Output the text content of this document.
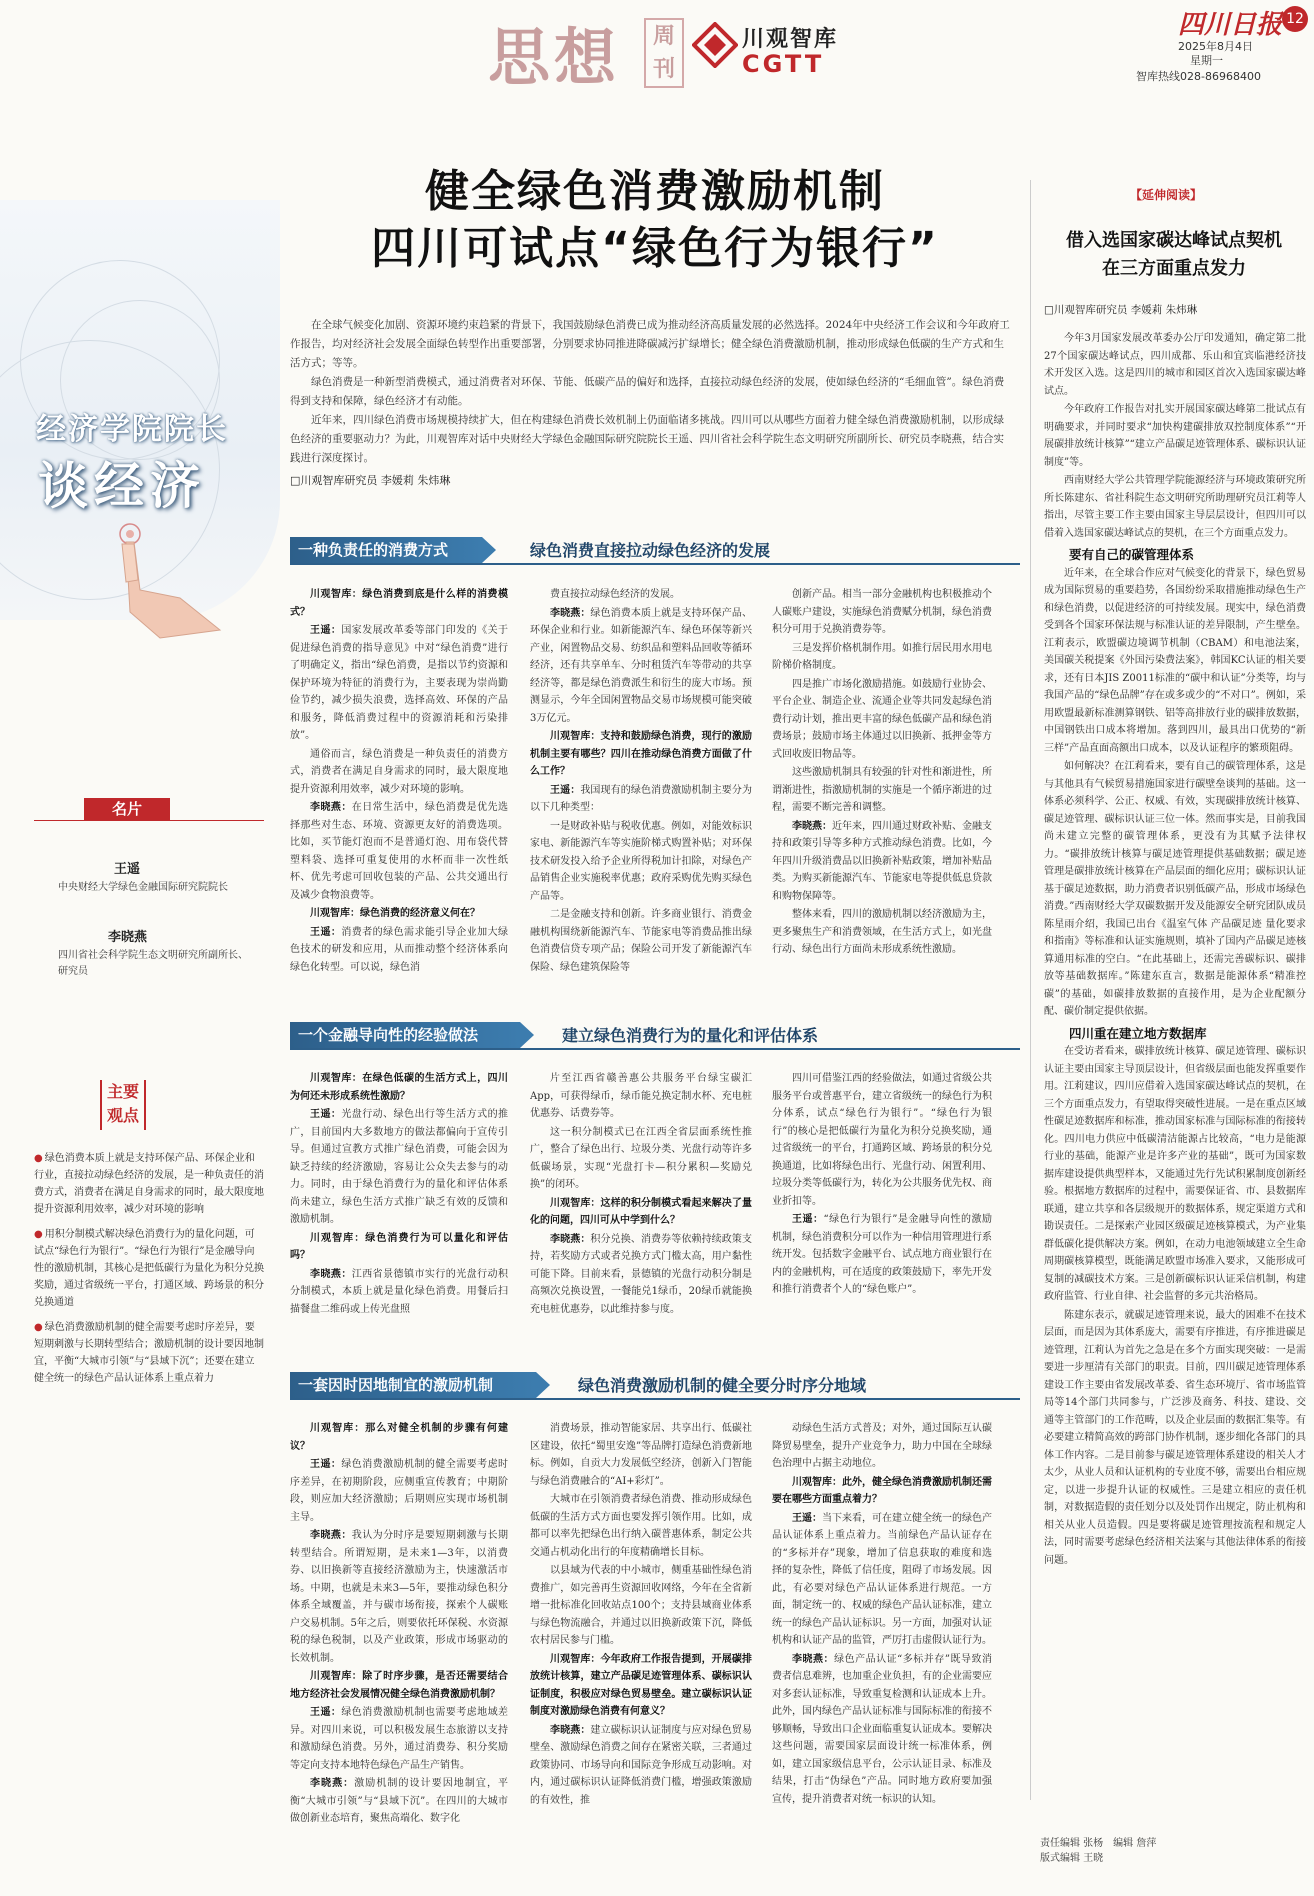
思想	周刊
川观智库
CGTT
四川日报 12
2025年8月4日
星期一
智库热线028-86968400
经济学院院长
谈经济
健全绿色消费激励机制
四川可试点“绿色行为银行”

在全球气候变化加剧、资源环境约束趋紧的背景下，我国鼓励绿色消费已成为推动经济高质量发展的必然选择。2024年中央经济工作会议和今年政府工作报告，均对经济社会发展全面绿色转型作出重要部署，分别要求协同推进降碳减污扩绿增长；健全绿色消费激励机制，推动形成绿色低碳的生产方式和生活方式；等等。

绿色消费是一种新型消费模式，通过消费者对环保、节能、低碳产品的偏好和选择，直接拉动绿色经济的发展，使如绿色经济的“毛细血管”。绿色消费得到支持和保障，绿色经济才有动能。

近年来，四川绿色消费市场规模持续扩大，但在构建绿色消费长效机制上仍面临诸多挑战。四川可以从哪些方面着力健全绿色消费激励机制，以形成绿色经济的重要驱动力？为此，川观智库对话中央财经大学绿色金融国际研究院院长王遥、四川省社会科学院生态文明研究所副所长、研究员李晓燕，结合实践进行深度探讨。

□川观智库研究员 李媛莉 朱炜琳
一种负责任的消费方式	绿色消费直接拉动绿色经济的发展

川观智库：绿色消费到底是什么样的消费模式？

王遥：国家发展改革委等部门印发的《关于促进绿色消费的指导意见》中对“绿色消费”进行了明确定义，指出“绿色消费，是指以节约资源和保护环境为特征的消费行为，主要表现为崇尚勤俭节约，减少损失浪费，选择高效、环保的产品和服务，降低消费过程中的资源消耗和污染排放”。

通俗而言，绿色消费是一种负责任的消费方式，消费者在满足自身需求的同时，最大限度地提升资源利用效率，减少对环境的影响。

李晓燕：在日常生活中，绿色消费是优先选择那些对生态、环境、资源更友好的消费选项。比如，买节能灯泡而不是普通灯泡、用布袋代替塑料袋、选择可重复使用的水杯而非一次性纸杯、优先考虑可回收包装的产品、公共交通出行及减少食物浪费等。

川观智库：绿色消费的经济意义何在？

王遥：消费者的绿色需求能引导企业加大绿色技术的研发和应用，从而推动整个经济体系向绿色化转型。可以说，绿色消

费直接拉动绿色经济的发展。

李晓燕：绿色消费本质上就是支持环保产品、环保企业和行业。如新能源汽车、绿色环保等新兴产业，闲置物品交易、纺织品和塑料品回收等循环经济，还有共享单车、分时租赁汽车等带动的共享经济等，都是绿色消费派生和衍生的庞大市场。预测显示，今年全国闲置物品交易市场规模可能突破3万亿元。

川观智库：支持和鼓励绿色消费，现行的激励机制主要有哪些？四川在推动绿色消费方面做了什么工作？

王遥：我国现有的绿色消费激励机制主要分为以下几种类型：

一是财政补贴与税收优惠。例如，对能效标识家电、新能源汽车等实施阶梯式购置补贴；对环保技术研发投入给予企业所得税加计扣除，对绿色产品销售企业实施税率优惠；政府采购优先购买绿色产品等。

二是金融支持和创新。许多商业银行、消费金融机构围绕新能源汽车、节能家电等消费品推出绿色消费信贷专项产品；保险公司开发了新能源汽车保险、绿色建筑保险等

创新产品。相当一部分金融机构也积极推动个人碳账户建设，实施绿色消费赋分机制，绿色消费积分可用于兑换消费券等。

三是发挥价格机制作用。如推行居民用水用电阶梯价格制度。

四是推广市场化激励措施。如鼓励行业协会、平台企业、制造企业、流通企业等共同发起绿色消费行动计划，推出更丰富的绿色低碳产品和绿色消费场景；鼓励市场主体通过以旧换新、抵押金等方式回收废旧物品等。

这些激励机制具有较强的针对性和渐进性，所谓渐进性，指激励机制的实施是一个循序渐进的过程，需要不断完善和调整。

李晓燕：近年来，四川通过财政补贴、金融支持和政策引导等多种方式推动绿色消费。比如，今年四川升级消费品以旧换新补贴政策，增加补贴品类。为购买新能源汽车、节能家电等提供低息贷款和购物保障等。

整体来看，四川的激励机制以经济激励为主，更多聚焦生产和消费领域，在生活方式上，如光盘行动、绿色出行方面尚未形成系统性激励。

一个金融导向性的经验做法	建立绿色消费行为的量化和评估体系

川观智库：在绿色低碳的生活方式上，四川为何还未形成系统性激励？

王遥：光盘行动、绿色出行等生活方式的推广，目前国内大多数地方的做法都偏向于宣传引导。但通过宣教方式推广绿色消费，可能会因为缺乏持续的经济激励，容易让公众失去参与的动力。同时，由于绿色消费行为的量化和评估体系尚未建立，绿色生活方式推广缺乏有效的反馈和激励机制。

川观智库：绿色消费行为可以量化和评估吗？

李晓燕：江西省景德镇市实行的光盘行动积分制模式，本质上就是量化绿色消费。用餐后扫描餐盘二维码或上传光盘照

片至江西省赣善惠公共服务平台绿宝碳汇App，可获得绿币，绿币能兑换定制水杯、充电桩优惠券、话费券等。

这一积分制模式已在江西全省层面系统性推广，整合了绿色出行、垃圾分类、光盘行动等许多低碳场景，实现“光盘打卡—积分累积—奖励兑换”的闭环。

川观智库：这样的积分制模式看起来解决了量化的问题，四川可从中学到什么？

李晓燕：积分兑换、消费券等依赖持续政策支持，若奖励方式或者兑换方式门槛太高，用户黏性可能下降。目前来看，景德镇的光盘行动积分制是高频次兑换设置，一餐能兑1绿币，20绿币就能换充电桩优惠券，以此维持参与度。

四川可借鉴江西的经验做法，如通过省级公共服务平台或普惠平台，建立省级统一的绿色行为积分体系，试点“绿色行为银行”。“绿色行为银行”的核心是把低碳行为量化为积分兑换奖励，通过省级统一的平台，打通跨区域、跨场景的积分兑换通道，比如将绿色出行、光盘行动、闲置利用、垃圾分类等低碳行为，转化为公共服务优先权、商业折扣等。

王遥：“绿色行为银行”是金融导向性的激励机制，绿色消费积分可以作为一种信用管理进行系统开发。包括数字金融平台、试点地方商业银行在内的金融机构，可在适度的政策鼓励下，率先开发和推行消费者个人的“绿色账户”。

一套因时因地制宜的激励机制	绿色消费激励机制的健全要分时序分地域

川观智库：那么对健全机制的步骤有何建议？

王遥：绿色消费激励机制的健全需要考虑时序差异，在初期阶段，应侧重宣传教育；中期阶段，则应加大经济激励；后期则应实现市场机制主导。

李晓燕：我认为分时序是要短期刺激与长期转型结合。所谓短期，是未来1—3年，以消费券、以旧换新等直接经济激励为主，快速激活市场。中期，也就是未来3—5年，要推动绿色积分体系全域覆盖，并与碳市场衔接，探索个人碳账户交易机制。5年之后，则要依托环保税、水资源税的绿色税制，以及产业政策，形成市场驱动的长效机制。

川观智库：除了时序步骤，是否还需要结合地方经济社会发展情况健全绿色消费激励机制？

王遥：绿色消费激励机制也需要考虑地域差异。对四川来说，可以积极发展生态旅游以支持和激励绿色消费。另外，通过消费券、积分奖励等定向支持本地特色绿色产品生产销售。

李晓燕：激励机制的设计要因地制宜，平衡“大城市引领”与“县域下沉”。在四川的大城市做创新业态培育，聚焦高端化、数字化

消费场景，推动智能家居、共享出行、低碳社区建设，依托“蜀里安逸”等品牌打造绿色消费新地标。例如，自贡大力发展低空经济，创新入门智能与绿色消费融合的“AI+彩灯”。

大城市在引领消费者绿色消费、推动形成绿色低碳的生活方式方面也要发挥引领作用。比如，成都可以率先把绿色出行纳入碳普惠体系，制定公共交通占机动化出行的年度精确增长目标。

以县域为代表的中小城市，侧重基础性绿色消费推广，如完善再生资源回收网络，今年在全省新增一批标准化回收站点100个；支持县域商业体系与绿色物流融合，并通过以旧换新政策下沉，降低农村居民参与门槛。

川观智库：今年政府工作报告提到，开展碳排放统计核算，建立产品碳足迹管理体系、碳标识认证制度，积极应对绿色贸易壁垒。建立碳标识认证制度对激励绿色消费有何意义？

李晓燕：建立碳标识认证制度与应对绿色贸易壁垒、激励绿色消费之间存在紧密关联，三者通过政策协同、市场导向和国际竞争形成互动影响。对内，通过碳标识认证降低消费门槛，增强政策激励的有效性，推

动绿色生活方式普及；对外，通过国际互认碳降贸易壁垒，提升产业竞争力，助力中国在全球绿色治理中占据主动地位。

川观智库：此外，健全绿色消费激励机制还需要在哪些方面重点着力？

王遥：当下来看，可在建立健全统一的绿色产品认证体系上重点着力。当前绿色产品认证存在的“多标并存”现象，增加了信息获取的难度和选择的复杂性，降低了信任度，阻碍了市场发展。因此，有必要对绿色产品认证体系进行规范。一方面，制定统一的、权威的绿色产品认证标准，建立统一的绿色产品认证标识。另一方面，加强对认证机构和认证产品的监管，严厉打击虚假认证行为。

李晓燕：绿色产品认证“多标并存”既导致消费者信息难辨，也加重企业负担，有的企业需要应对多套认证标准，导致重复检测和认证成本上升。此外，国内绿色产品认证标准与国际标准的衔接不够顺畅，导致出口企业面临重复认证成本。要解决这些问题，需要国家层面设计统一标准体系，例如，建立国家级信息平台，公示认证目录、标准及结果，打击“伪绿色”产品。同时地方政府要加强宣传，提升消费者对统一标识的认知。

名片
王遥
中央财经大学绿色金融国际研究院院长
李晓燕
四川省社会科学院生态文明研究所副所长、研究员
主要观点

● 绿色消费本质上就是支持环保产品、环保企业和行业，直接拉动绿色经济的发展，是一种负责任的消费方式，消费者在满足自身需求的同时，最大限度地提升资源利用效率，减少对环境的影响

● 用积分制模式解决绿色消费行为的量化问题，可试点“绿色行为银行”。“绿色行为银行”是金融导向性的激励机制，其核心是把低碳行为量化为积分兑换奖励，通过省级统一平台，打通区域、跨场景的积分兑换通道

● 绿色消费激励机制的健全需要考虑时序差异，要短期刺激与长期转型结合；激励机制的设计要因地制宜，平衡“大城市引领”与“县域下沉”；还要在建立健全统一的绿色产品认证体系上重点着力

【延伸阅读】
借入选国家碳达峰试点契机
在三方面重点发力
□川观智库研究员 李媛莉 朱炜琳

今年3月国家发展改革委办公厅印发通知，确定第二批27个国家碳达峰试点，四川成都、乐山和宜宾临港经济技术开发区入选。这是四川的城市和园区首次入选国家碳达峰试点。

今年政府工作报告对扎实开展国家碳达峰第二批试点有明确要求，并同时要求“加快构建碳排放双控制度体系”“开展碳排放统计核算”“建立产品碳足迹管理体系、碳标识认证制度”等。

西南财经大学公共管理学院能源经济与环境政策研究所所长陈建东、省社科院生态文明研究所助理研究员江莉等人指出，尽管主要工作主要由国家主导层层设计，但四川可以借着入选国家碳达峰试点的契机，在三个方面重点发力。

要有自己的碳管理体系

近年来，在全球合作应对气候变化的背景下，绿色贸易成为国际贸易的重要趋势，各国纷纷采取措施推动绿色生产和绿色消费，以促进经济的可持续发展。现实中，绿色消费受到各个国家环保法规与标准认证的差异限制，产生壁垒。江莉表示，欧盟碳边境调节机制（CBAM）和电池法案，美国碳关税提案《外国污染费法案》，韩国KC认证的相关要求，还有日本JIS Z0011标准的“碳中和认证”分类等，均与我国产品的“绿色品牌”存在或多或少的“不对口”。例如，采用欧盟最新标准测算钢铁、铝等高排放行业的碳排放数据，中国钢铁出口成本将增加。落到四川，最具出口优势的“新三样”产品直面高额出口成本，以及认证程序的繁琐阻碍。

如何解决？在江莉看来，要有自己的碳管理体系，这是与其他具有气候贸易措施国家进行碳壁垒谈判的基础。这一体系必须科学、公正、权威、有效，实现碳排放统计核算、碳足迹管理、碳标识认证三位一体。然而事实是，目前我国尚未建立完整的碳管理体系，更没有为其赋予法律权力。“碳排放统计核算与碳足迹管理提供基础数据；碳足迹管理是碳排放统计核算在产品层面的细化应用；碳标识认证基于碳足迹数据，助力消费者识别低碳产品，形成市场绿色消费。”西南财经大学双碳数据开发及能源安全研究团队成员陈星雨介绍，我国已出台《温室气体 产品碳足迹 量化要求和指南》等标准和认证实施规则，填补了国内产品碳足迹核算通用标准的空白。“在此基础上，还需完善碳标识、碳排放等基础数据库。”陈建东直言，数据是能源体系“精准控碳”的基础，如碳排放数据的直接作用，是为企业配额分配、碳价制定提供依据。

四川重在建立地方数据库

在受访者看来，碳排放统计核算、碳足迹管理、碳标识认证主要由国家主导顶层设计，但省级层面也能发挥重要作用。江莉建议，四川应借着入选国家碳达峰试点的契机，在三个方面重点发力，有望取得突破性进展。一是在重点区域性碳足迹数据库和标准，推动国家标准与国际标准的衔接转化。四川电力供应中低碳清洁能源占比较高，“电力是能源行业的基础，能源产业是许多产业的基础”，既可为国家数据库建设提供典型样本，又能通过先行先试积累制度创新经验。根据地方数据库的过程中，需要保证省、市、县数据库联通，建立共享和各层级规开的数据体系，规定渠道方式和勘误责任。二是探索产业园区级碳足迹核算模式，为产业集群低碳化提供解决方案。例如，在动力电池领域建立全生命周期碳核算模型，既能满足欧盟市场准入要求，又能形成可复制的减碳技术方案。三是创新碳标识认证采信机制，构建政府监管、行业自律、社会监督的多元共治格局。

陈建东表示，就碳足迹管理来说，最大的困难不在技术层面，而是因为其体系庞大，需要有序推进，有序推进碳足迹管理，江莉认为首先之急是在多个方面实现突破：一是需要进一步厘清有关部门的职责。目前，四川碳足迹管理体系建设工作主要由省发展改革委、省生态环境厅、省市场监管局等14个部门共同参与，广泛涉及商务、科技、建设、交通等主管部门的工作范畴，以及企业层面的数据汇集等。有必要建立精简高效的跨部门协作机制，逐步细化各部门的具体工作内容。二是目前参与碳足迹管理体系建设的相关人才太少，从业人员和认证机构的专业度不够，需要出台相应规定，以进一步提升认证的权威性。三是建立相应的责任机制，对数据造假的责任划分以及处罚作出规定，防止机构和相关从业人员造假。四是要将碳足迹管理按流程和规定人法，同时需要考虑绿色经济相关法案与其他法律体系的衔接问题。

责任编辑 张杨　编辑 詹萍
版式编辑 王晓
